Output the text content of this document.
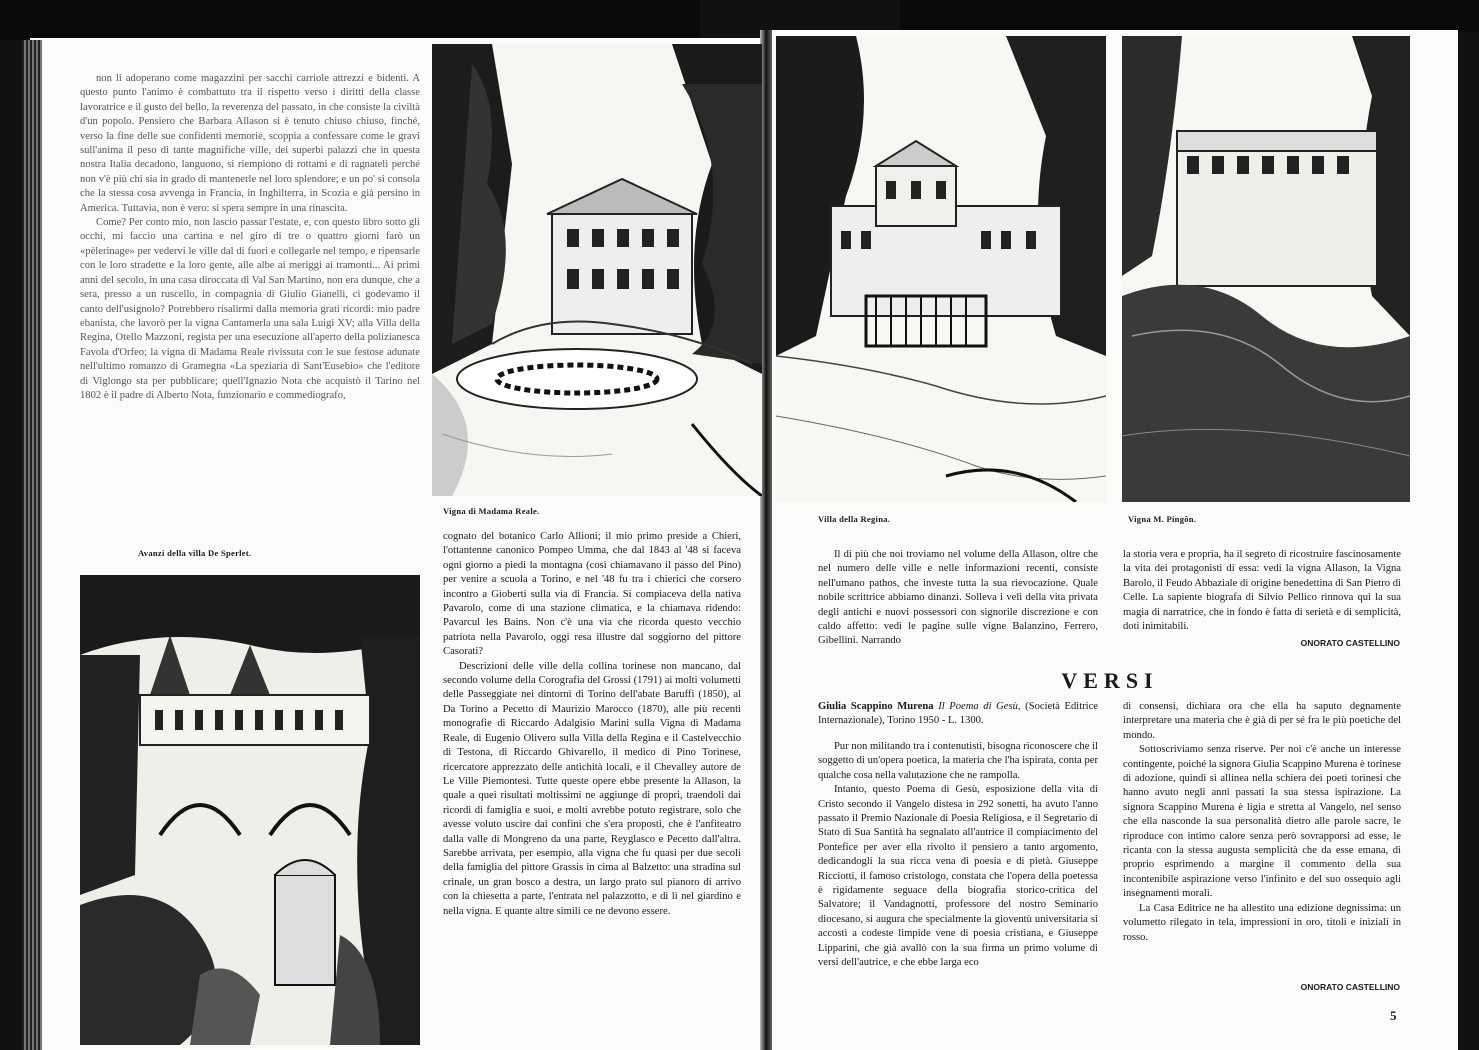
non li adoperano come magazzini per sacchi carriole attrezzi e bidenti. A questo punto l'animo è combattuto tra il rispetto verso i diritti della classe lavoratrice e il gusto del bello, la reverenza del passato, in che consiste la civiltà d'un popolo. Pensiero che Barbara Allason si è tenuto chiuso chiuso, finché, verso la fine delle sue confidenti memorie, scoppia a confessare come le gravi sull'anima il peso di tante magnifiche ville, dei superbi palazzi che in questa nostra Italia decadono, languono, si riempiono di rottami e di ragnateli perché non v'è più chi sia in grado di mantenerle nel loro splendore; e un po' si consola che la stessa cosa avvenga in Francia, in Inghilterra, in Scozia e già persino in America. Tuttavia, non è vero: si spera sempre in una rinascita.

Come? Per conto mio, non lascio passar l'estate, e, con questo libro sotto gli occhi, mi faccio una cartina e nel giro di tre o quattro giorni farò un «pèlerinage» per vedervi le ville dal di fuori e collegarle nel tempo, e ripensarle con le loro stradette e la loro gente, alle albe ai meriggi ai tramonti... Ai primi anni del secolo, in una casa diroccata di Val San Martino, non era dunque, che a sera, presso a un ruscello, in compagnia di Giulio Gianelli, ci godevamo il canto dell'usignolo? Potrebbero risalirmi dalla memoria grati ricordi: mio padre ebanista, che lavorò per la vigna Cantamerla una sala Luigi XV; alla Villa della Regina, Otello Mazzoni, regista per una esecuzione all'aperto della polizianesca Favola d'Orfeo; la vigna di Madama Reale rivissuta con le sue festose adunate nell'ultimo romanzo di Gramegna «La speziaria di Sant'Eusebio» che l'editore di Viglongo sta per pubblicare; quell'Ignazio Nota che acquistò il Tarino nel 1802 è il padre di Alberto Nota, funzionario e commediografo,

Avanzi della villa De Sperlet.
Vigna di Madama Reale.

cognato del botanico Carlo Allioni; il mio primo preside a Chieri, l'ottantenne canonico Pompeo Umma, che dal 1843 al '48 si faceva ogni giorno a piedi la montagna (così chiamavano il passo del Pino) per venire a scuola a Torino, e nel '48 fu tra i chierici che corsero incontro a Gioberti sulla via di Francia. Si compiaceva della nativa Pavarolo, come di una stazione climatica, e la chiamava ridendo: Pavarcul les Bains. Non c'è una via che ricorda questo vecchio patriota nella Pavarolo, oggi resa illustre dal soggiorno del pittore Casorati?

Descrizioni delle ville della collina torinese non mancano, dal secondo volume della Corografia del Grossi (1791) ai molti volumetti delle Passeggiate nei dintorni di Torino dell'abate Baruffi (1850), al Da Torino a Pecetto di Maurizio Marocco (1870), alle più recenti monografie di Riccardo Adalgisio Marini sulla Vigna di Madama Reale, di Eugenio Olivero sulla Villa della Regina e il Castelvecchio di Testona, di Riccardo Ghivarello, il medico di Pino Torinese, ricercatore apprezzato delle antichità locali, e il Chevalley autore de Le Ville Piemontesi. Tutte queste opere ebbe presente la Allason, la quale a quei risultati moltissimi ne aggiunge di propri, traendoli dai ricordi di famiglia e suoi, e molti avrebbe potuto registrare, solo che avesse voluto uscire dai confini che s'era proposti, che è l'anfiteatro dalla valle di Mongreno da una parte, Reyglasco e Pecetto dall'altra. Sarebbe arrivata, per esempio, alla vigna che fu quasi per due secoli della famiglia del pittore Grassis in cima al Balzetto: una stradina sul crinale, un gran bosco a destra, un largo prato sul pianoro di arrivo con la chiesetta a parte, l'entrata nel palazzotto, e di lì nel giardino e nella vigna. E quante altre simili ce ne devono essere.

Villa della Regina.	Vigna M. Pingôn.

Il di più che noi troviamo nel volume della Allason, oltre che nel numero delle ville e nelle informazioni recenti, consiste nell'umano pathos, che investe tutta la sua rievocazione. Quale nobile scrittrice abbiamo dinanzi. Solleva i veli della vita privata degli antichi e nuovi possessori con signorile discrezione e con caldo affetto: vedi le pagine sulle vigne Balanzino, Ferrero, Gibellini. Narrando

la storia vera e propria, ha il segreto di ricostruire fascinosamente la vita dei protagonisti di essa: vedi la vigna Allason, la Vigna Barolo, il Feudo Abbaziale di origine benedettina di San Pietro di Celle. La sapiente biografa di Silvio Pellico rinnova qui la sua magia di narratrice, che in fondo è fatta di serietà e di semplicità, doti inimitabili.

ONORATO CASTELLINO
VERSI
Giulia Scappino Murena Il Poema di Gesù, (Società Editrice Internazionale), Torino 1950 - L. 1300.

Pur non militando tra i contenutisti, bisogna riconoscere che il soggetto di un'opera poetica, la materia che l'ha ispirata, conta per qualche cosa nella valutazione che ne rampolla.

Intanto, questo Poema di Gesù, esposizione della vita di Cristo secondo il Vangelo distesa in 292 sonetti, ha avuto l'anno passato il Premio Nazionale di Poesia Religiosa, e il Segretario di Stato di Sua Santità ha segnalato all'autrice il compiacimento del Pontefice per aver ella rivolto il pensiero a tanto argomento, dedicandogli la sua ricca vena di poesia e di pietà. Giuseppe Ricciotti, il famoso cristologo, constata che l'opera della poetessa è rigidamente seguace della biografia storico-critica del Salvatore; il Vandagnotti, professore del nostro Seminario diocesano, si augura che specialmente la gioventù universitaria si accosti a codeste limpide vene di poesia cristiana, e Giuseppe Lipparini, che già avallò con la sua firma un primo volume di versi dell'autrice, e che ebbe larga eco

di consensi, dichiara ora che ella ha saputo degnamente interpretare una materia che è già di per sé fra le più poetiche del mondo.

Sottoscriviamo senza riserve. Per noi c'è anche un interesse contingente, poiché la signora Giulia Scappino Murena è torinese di adozione, quindi si allinea nella schiera dei poeti torinesi che hanno avuto negli anni passati la sua stessa ispirazione. La signora Scappino Murena è ligia e stretta al Vangelo, nel senso che ella nasconde la sua personalità dietro alle parole sacre, le riproduce con intimo calore senza però sovrapporsi ad esse, le ricanta con la stessa augusta semplicità che da esse emana, di proprio esprimendo a margine il commento della sua incontenibile aspirazione verso l'infinito e del suo ossequio agli insegnamenti morali.

La Casa Editrice ne ha allestito una edizione degnissima: un volumetto rilegato in tela, impressioni in oro, titoli e iniziali in rosso.

ONORATO CASTELLINO
5
